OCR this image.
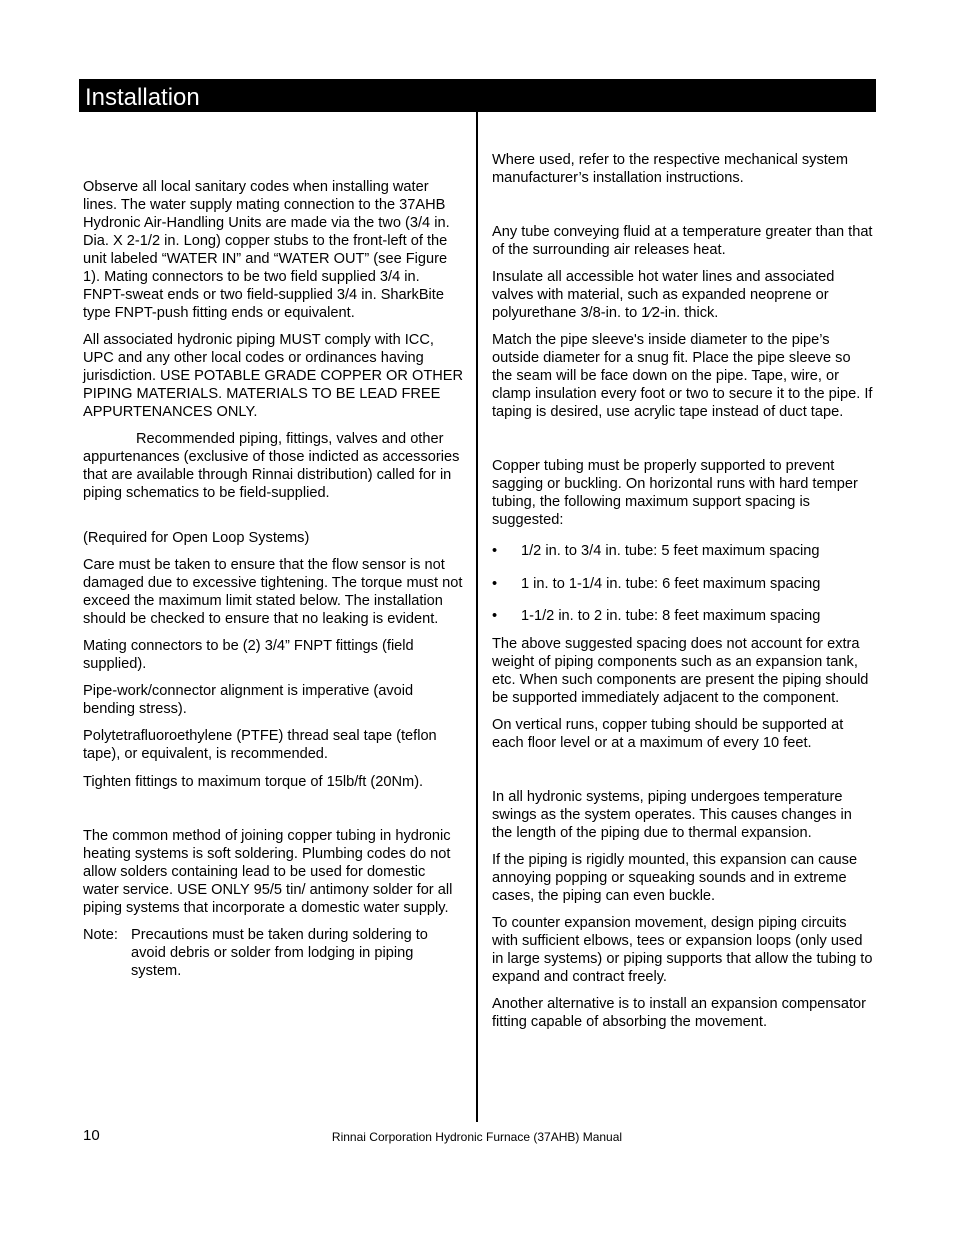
Installation

Observe all local sanitary codes when installing water lines. The water supply mating connection to the 37AHB Hydronic Air-Handling Units are made via the two (3/4 in. Dia. X 2-1/2 in. Long) copper stubs to the front-left of the unit labeled “WATER IN” and “WATER OUT” (see Figure 1). Mating connectors to be two field supplied 3/4 in. FNPT-sweat ends or two field-supplied 3/4 in. SharkBite type FNPT-push fitting ends or equivalent.

All associated hydronic piping MUST comply with ICC, UPC and any other local codes or ordinances having jurisdiction. USE POTABLE GRADE COPPER OR OTHER PIPING MATERIALS. MATERIALS TO BE LEAD FREE APPURTENANCES ONLY.

Recommended piping, fittings, valves and other appurtenances (exclusive of those indicted as accessories that are available through Rinnai distribution) called for in piping schematics to be field-supplied.

(Required for Open Loop Systems)

Care must be taken to ensure that the flow sensor is not damaged due to excessive tightening. The torque must not exceed the maximum limit stated below. The installation should be checked to ensure that no leaking is evident.

Mating connectors to be (2) 3/4” FNPT fittings (field supplied).

Pipe-work/connector alignment is imperative (avoid bending stress).

Polytetrafluoroethylene (PTFE) thread seal tape (teflon tape), or equivalent, is recommended.

Tighten fittings to maximum torque of 15lb/ft (20Nm).

The common method of joining copper tubing in hydronic heating systems is soft soldering. Plumbing codes do not allow solders containing lead to be used for domestic water service. USE ONLY 95/5 tin/ antimony solder for all piping systems that incorporate a domestic water supply.

Note: Precautions must be taken during soldering to avoid debris or solder from lodging in piping system.

Where used, refer to the respective mechanical system manufacturer’s installation instructions.

Any tube conveying fluid at a temperature greater than that of the surrounding air releases heat.

Insulate all accessible hot water lines and associated valves with material, such as expanded neoprene or polyurethane 3/8-in. to 1⁄2-in. thick.

Match the pipe sleeve's inside diameter to the pipe’s outside diameter for a snug fit. Place the pipe sleeve so the seam will be face down on the pipe. Tape, wire, or clamp insulation every foot or two to secure it to the pipe. If taping is desired, use acrylic tape instead of duct tape.

Copper tubing must be properly supported to prevent sagging or buckling. On horizontal runs with hard temper tubing, the following maximum support spacing is suggested:

• 1/2 in. to 3/4 in. tube: 5 feet maximum spacing

• 1 in. to 1-1/4 in. tube: 6 feet maximum spacing

• 1-1/2 in. to 2 in. tube: 8 feet maximum spacing

The above suggested spacing does not account for extra weight of piping components such as an expansion tank, etc. When such components are present the piping should be supported immediately adjacent to the component.

On vertical runs, copper tubing should be supported at each floor level or at a maximum of every 10 feet.

In all hydronic systems, piping undergoes temperature swings as the system operates. This causes changes in the length of the piping due to thermal expansion.

If the piping is rigidly mounted, this expansion can cause annoying popping or squeaking sounds and in extreme cases, the piping can even buckle.

To counter expansion movement, design piping circuits with sufficient elbows, tees or expansion loops (only used in large systems) or piping supports that allow the tubing to expand and contract freely.

Another alternative is to install an expansion compensator fitting capable of absorbing the movement.

10	Rinnai Corporation Hydronic Furnace (37AHB) Manual
